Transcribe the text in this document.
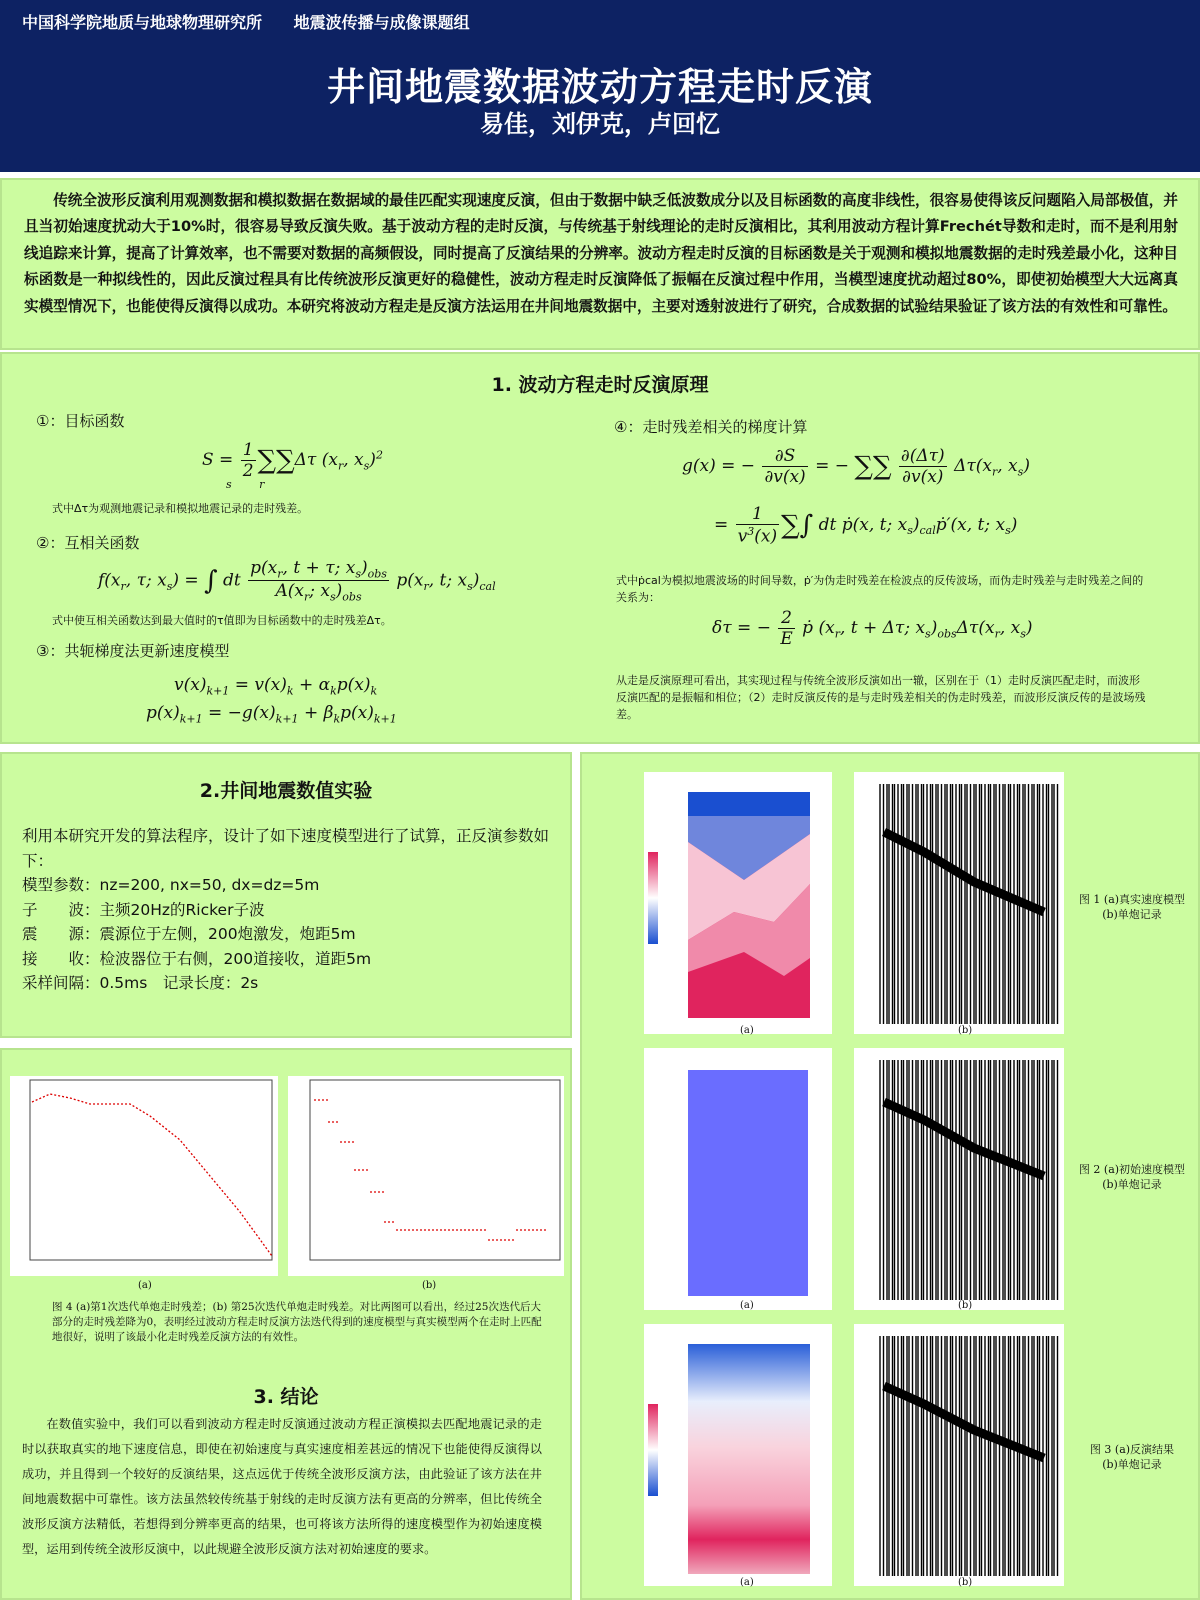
中国科学院地质与地球物理研究所 地震波传播与成像课题组
井间地震数据波动方程走时反演
易佳，刘伊克，卢回忆
传统全波形反演利用观测数据和模拟数据在数据域的最佳匹配实现速度反演，但由于数据中缺乏低波数成分以及目标函数的高度非线性，很容易使得该反问题陷入局部极值，并且当初始速度扰动大于10%时，很容易导致反演失败。基于波动方程的走时反演，与传统基于射线理论的走时反演相比，其利用波动方程计算Frechét导数和走时，而不是利用射线追踪来计算，提高了计算效率，也不需要对数据的高频假设，同时提高了反演结果的分辨率。波动方程走时反演的目标函数是关于观测和模拟地震数据的走时残差最小化，这种目标函数是一种拟线性的，因此反演过程具有比传统波形反演更好的稳健性，波动方程走时反演降低了振幅在反演过程中作用，当模型速度扰动超过80%，即使初始模型大大远离真实模型情况下，也能使得反演得以成功。本研究将波动方程走是反演方法运用在井间地震数据中，主要对透射波进行了研究，合成数据的试验结果验证了该方法的有效性和可靠性。
1. 波动方程走时反演原理
①：目标函数
$S = \frac{1}{2} \sum\sum\Delta\tau$ ($x_r$, $x_s)^2$
s r
式中Δτ为观测地震记录和模拟地震记录的走时残差。
②：互相关函数
$f(x_r$, τ; $x_s$) = ∫ dt $\frac{p(x_r, t + \tau; x_s)_{obs}}{A(x_r; x_s)_{obs}} p(x_r$, t; $x_s)_{cal}$
式中使互相关函数达到最大值时的τ值即为目标函数中的走时残差Δτ。
③：共轭梯度法更新速度模型
$v(x)_{k+1} = v(x)_k + \alpha_kp(x)_k$
$p(x)_{k+1} = -g(x)_{k+1} + \beta_kp(x)_{k+1}$
④：走时残差相关的梯度计算
g(x) = − $\frac{\partial S}{\partial v(x)}$ = − ∑∑ $\frac{\partial(\Delta\tau)}{\partial v(x)} \Delta\tau(x_r$, $x_s$)
= $\frac{1}{v^3(x)}$ ∑∫ dt ṗ(x, t; $x_s)_{cal}ṗ'(x$, t; $x_s$)
式中ṗcal为模拟地震波场的时间导数，ṗ′为伪走时残差在检波点的反传波场，而伪走时残差与走时残差之间的关系为：
δτ = − $\frac{2}{E}$ ṗ ($x_r$, t + Δτ; $x_s)_{obs}\Delta\tau(x_r$, $x_s$)
从走是反演原理可看出，其实现过程与传统全波形反演如出一辙，区别在于（1）走时反演匹配走时，而波形反演匹配的是振幅和相位；（2）走时反演反传的是与走时残差相关的伪走时残差，而波形反演反传的是波场残差。
2.井间地震数值实验
利用本研究开发的算法程序，设计了如下速度模型进行了试算，正反演参数如下：
模型参数：nz=200, nx=50, dx=dz=5m
子　　波：主频20Hz的Ricker子波
震　　源：震源位于左侧，200炮激发，炮距5m
接　　收：检波器位于右侧，200道接收，道距5m
采样间隔：0.5ms　记录长度：2s
(a)	(b)
图 4 (a)第1次迭代单炮走时残差；(b) 第25次迭代单炮走时残差。对比两图可以看出，经过25次迭代后大部分的走时残差降为0，表明经过波动方程走时反演方法迭代得到的速度模型与真实模型两个在走时上匹配地很好，说明了该最小化走时残差反演方法的有效性。
3. 结论
在数值实验中，我们可以看到波动方程走时反演通过波动方程正演模拟去匹配地震记录的走时以获取真实的地下速度信息，即使在初始速度与真实速度相差甚远的情况下也能使得反演得以成功，并且得到一个较好的反演结果，这点远优于传统全波形反演方法，由此验证了该方法在井间地震数据中可靠性。该方法虽然较传统基于射线的走时反演方法有更高的分辨率，但比传统全波形反演方法精低，若想得到分辨率更高的结果，也可将该方法所得的速度模型作为初始速度模型，运用到传统全波形反演中，以此规避全波形反演方法对初始速度的要求。
(a)	(b)
图 1 (a)真实速度模型
(b)单炮记录
(a)	(b)
图 2 (a)初始速度模型
(b)单炮记录
(a)	(b)
图 3 (a)反演结果
(b)单炮记录
